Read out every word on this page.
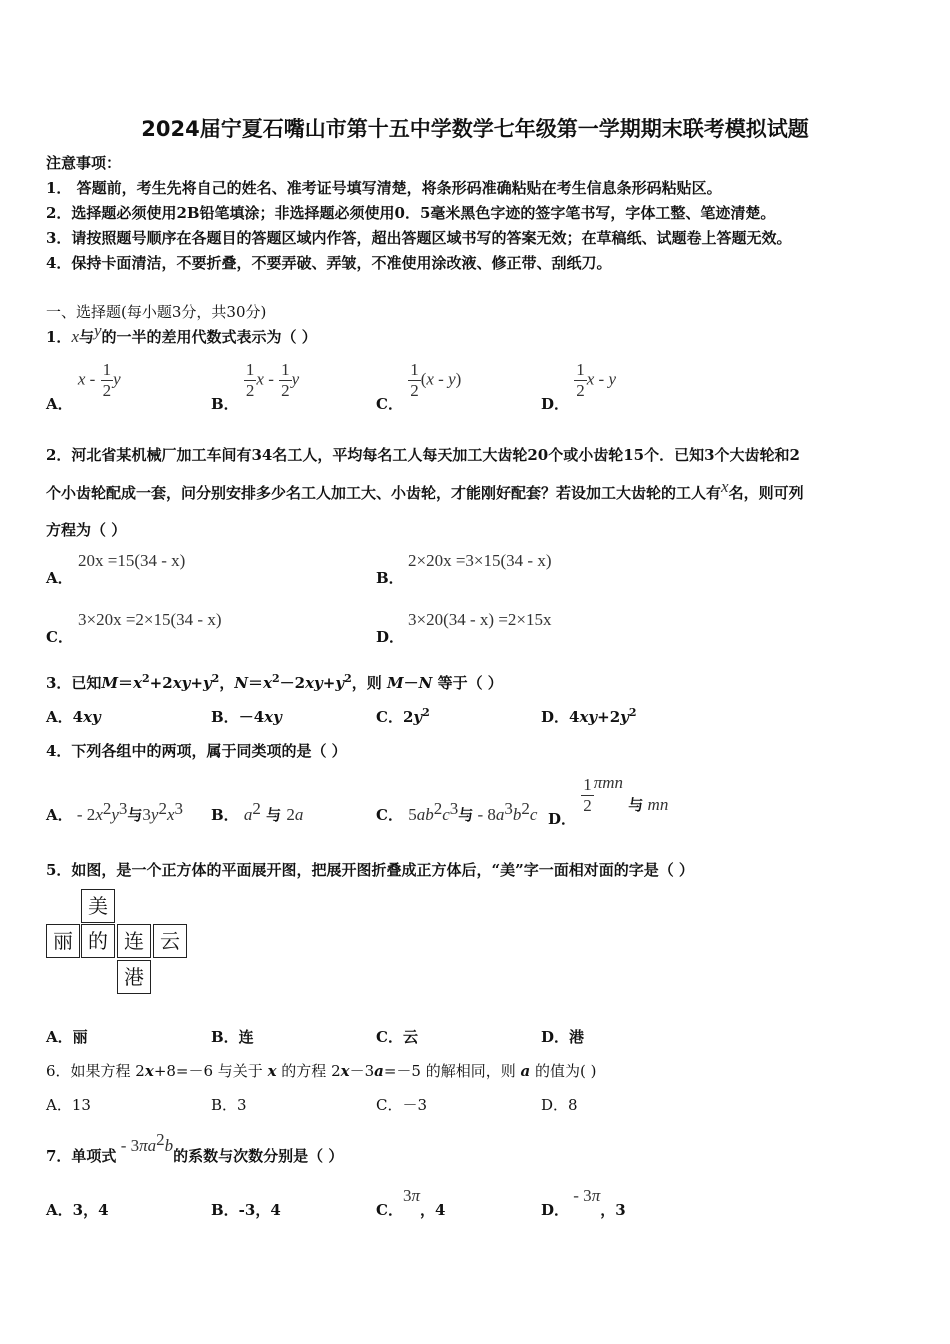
2024届宁夏石嘴山市第十五中学数学七年级第一学期期末联考模拟试题
注意事项：
1． 答题前，考生先将自己的姓名、准考证号填写清楚，将条形码准确粘贴在考生信息条形码粘贴区。
2．选择题必须使用2B铅笔填涂；非选择题必须使用0．5毫米黑色字迹的签字笔书写，字体工整、笔迹清楚。
3．请按照题号顺序在各题目的答题区域内作答，超出答题区域书写的答案无效；在草稿纸、试题卷上答题无效。
4．保持卡面清洁，不要折叠，不要弄破、弄皱，不准使用涂改液、修正带、刮纸刀。
一、选择题(每小题3分，共30分)
1．x与y的一半的差用代数式表示为（ ）
A． x - $\frac{1}{2}$ y
B．
$\frac{1}{2}$ x - $\frac{1}{2}$ y
C．
$\frac{1}{2} (x - y)$
D．
$\frac{1}{2}$ x - y
2．河北省某机械厂加工车间有34名工人，平均每名工人每天加工大齿轮20个或小齿轮15个．已知3个大齿轮和2
个小齿轮配成一套，问分别安排多少名工人加工大、小齿轮，才能刚好配套？若设加工大齿轮的工人有x名，则可列
方程为（ ）
A．
20x =15(34 - x)
B．
2×20x =3×15(34 - x)
C．
3×20x =2×15(34 - x)
D．
3×20(34 - x) =2×15x
3．已知$M=x^2+2xy+y^2$，$N=x^2-2xy+y^2$，则 M－N 等于（ ）
A．4xy	B．－4xy	C．$2y^2$	D．$4xy+2y^2$
4．下列各组中的两项，属于同类项的是（ ）
A． - $2x^2y^3$与$3y^2x^3$ B． $a^2$ 与 2a	C． $5ab^2c^3$与 - $8a^3b^2c$ D．
$\frac{1}{2}$ πmn 与 mn
5．如图，是一个正方体的平面展开图，把展开图折叠成正方体后，“美”字一面相对面的字是（ ）
美
丽 的 连 云
港
A．丽	B．连	C．云	D．港
6．如果方程 2x+8=－6 与关于 x 的方程 2x－3a=－5 的解相同，则 a 的值为( )
A．13	B．3	C．－3	D．8
7．单项式 - $3\pi a^2b$的系数与次数分别是（ ）
A．3，4	B．-3，4	C．3π，4	D． - 3π，3
